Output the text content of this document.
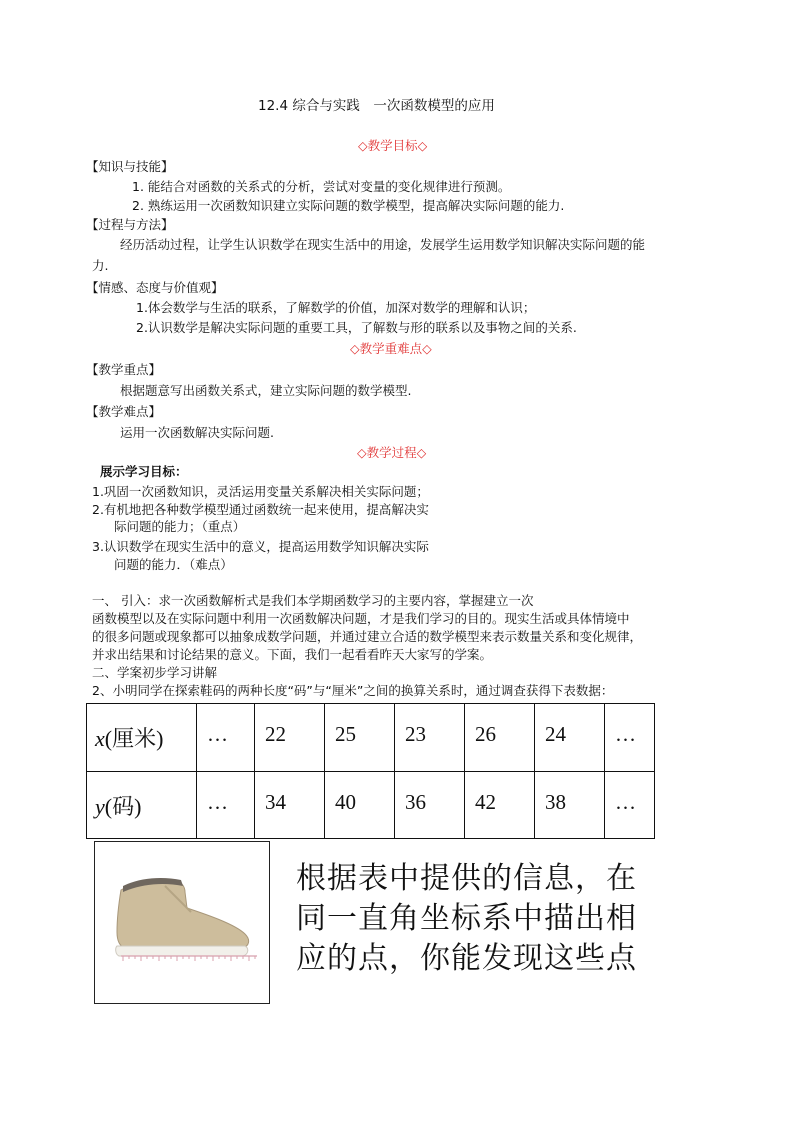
12.4 综合与实践　一次函数模型的应用
◇教学目标◇
【知识与技能】
1. 能结合对函数的关系式的分析，尝试对变量的变化规律进行预测。
2. 熟练运用一次函数知识建立实际问题的数学模型，提高解决实际问题的能力.
【过程与方法】
经历活动过程，让学生认识数学在现实生活中的用途，发展学生运用数学知识解决实际问题的能
力.
【情感、态度与价值观】
1.体会数学与生活的联系，了解数学的价值，加深对数学的理解和认识；
2.认识数学是解决实际问题的重要工具，了解数与形的联系以及事物之间的关系.
◇教学重难点◇
【教学重点】
根据题意写出函数关系式，建立实际问题的数学模型.
【教学难点】
运用一次函数解决实际问题.
◇教学过程◇
展示学习目标：
1.巩固一次函数知识，灵活运用变量关系解决相关实际问题；
2.有机地把各种数学模型通过函数统一起来使用，提高解决实
际问题的能力；（重点）
3.认识数学在现实生活中的意义，提高运用数学知识解决实际
问题的能力．（难点）
一、 引入：求一次函数解析式是我们本学期函数学习的主要内容，掌握建立一次
函数模型以及在实际问题中利用一次函数解决问题，才是我们学习的目的。现实生活或具体情境中
的很多问题或现象都可以抽象成数学问题，并通过建立合适的数学模型来表示数量关系和变化规律，
并求出结果和讨论结果的意义。下面，我们一起看看昨天大家写的学案。
二、学案初步学习讲解
2、小明同学在探索鞋码的两种长度“码”与“厘米”之间的换算关系时，通过调查获得下表数据：
x(厘米)	…	22	25	23	26	24	…
y(码)	…	34	40	36	42	38	…
根据表中提供的信息，在
同一直角坐标系中描出相
应的点，你能发现这些点
